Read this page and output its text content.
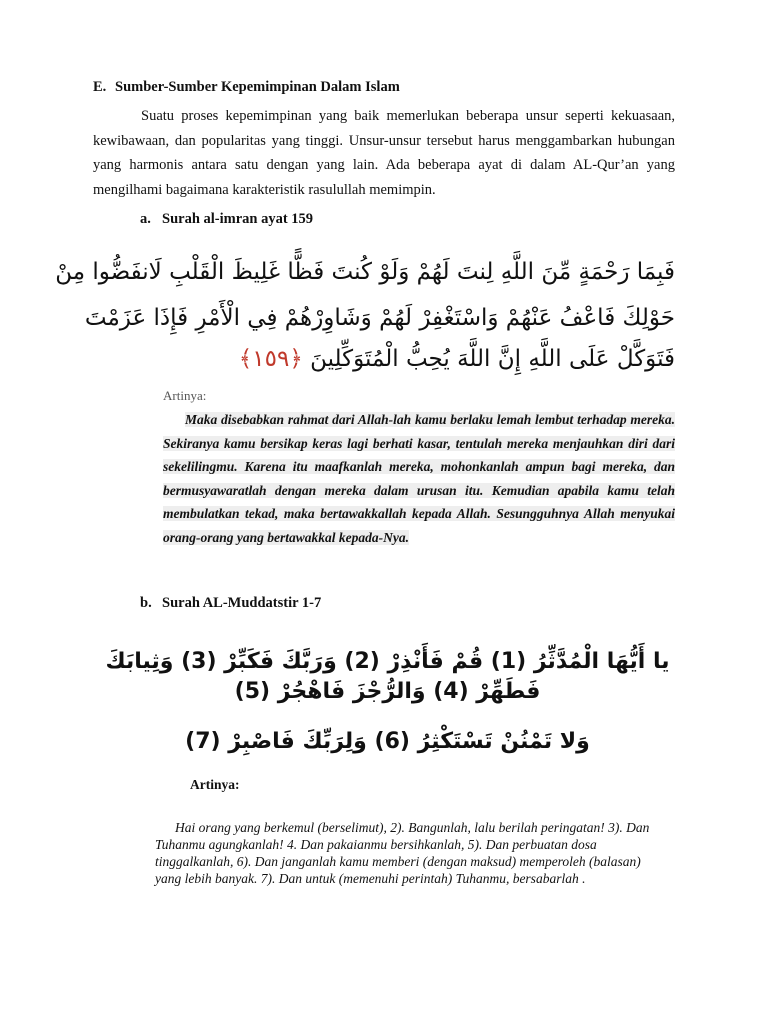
E. Sumber-Sumber Kepemimpinan Dalam Islam
Suatu proses kepemimpinan yang baik memerlukan beberapa unsur seperti kekuasaan, kewibawaan, dan popularitas yang tinggi. Unsur-unsur tersebut harus menggambarkan hubungan yang harmonis antara satu dengan yang lain. Ada beberapa ayat di dalam AL-Qur’an yang mengilhami bagaimana karakteristik rasulullah memimpin.
a. Surah al-imran ayat 159
فَبِمَا رَحْمَةٍ مِّنَ اللَّهِ لِنتَ لَهُمْ وَلَوْ كُنتَ فَظًّا غَلِيظَ الْقَلْبِ لَانفَضُّوا مِنْ
حَوْلِكَ فَاعْفُ عَنْهُمْ وَاسْتَغْفِرْ لَهُمْ وَشَاوِرْهُمْ فِي الْأَمْرِ فَإِذَا عَزَمْتَ
فَتَوَكَّلْ عَلَى اللَّهِ إِنَّ اللَّهَ يُحِبُّ الْمُتَوَكِّلِينَ ﴿١٥٩﴾
Artinya:
Maka disebabkan rahmat dari Allah-lah kamu berlaku lemah lembut terhadap mereka. Sekiranya kamu bersikap keras lagi berhati kasar, tentulah mereka menjauhkan diri dari sekelilingmu. Karena itu maafkanlah mereka, mohonkanlah ampun bagi mereka, dan bermusyawaratlah dengan mereka dalam urusan itu. Kemudian apabila kamu telah membulatkan tekad, maka bertawakkallah kepada Allah. Sesungguhnya Allah menyukai orang-orang yang bertawakkal kepada-Nya.
b. Surah AL-Muddatstir 1-7
يا أَيُّهَا الْمُدَّثِّرُ (1) قُمْ فَأَنْذِرْ (2) وَرَبَّكَ فَكَبِّرْ (3) وَثِيابَكَ فَطَهِّرْ (4) وَالرُّجْزَ فَاهْجُرْ (5)
وَلا تَمْنُنْ تَسْتَكْثِرُ (6) وَلِرَبِّكَ فَاصْبِرْ (7)
Artinya:
Hai orang yang berkemul (berselimut), 2). Bangunlah, lalu berilah peringatan! 3). Dan Tuhanmu agungkanlah! 4. Dan pakaianmu bersihkanlah, 5). Dan perbuatan dosa tinggalkanlah, 6). Dan janganlah kamu memberi (dengan maksud) memperoleh (balasan) yang lebih banyak. 7). Dan untuk (memenuhi perintah) Tuhanmu, bersabarlah .
